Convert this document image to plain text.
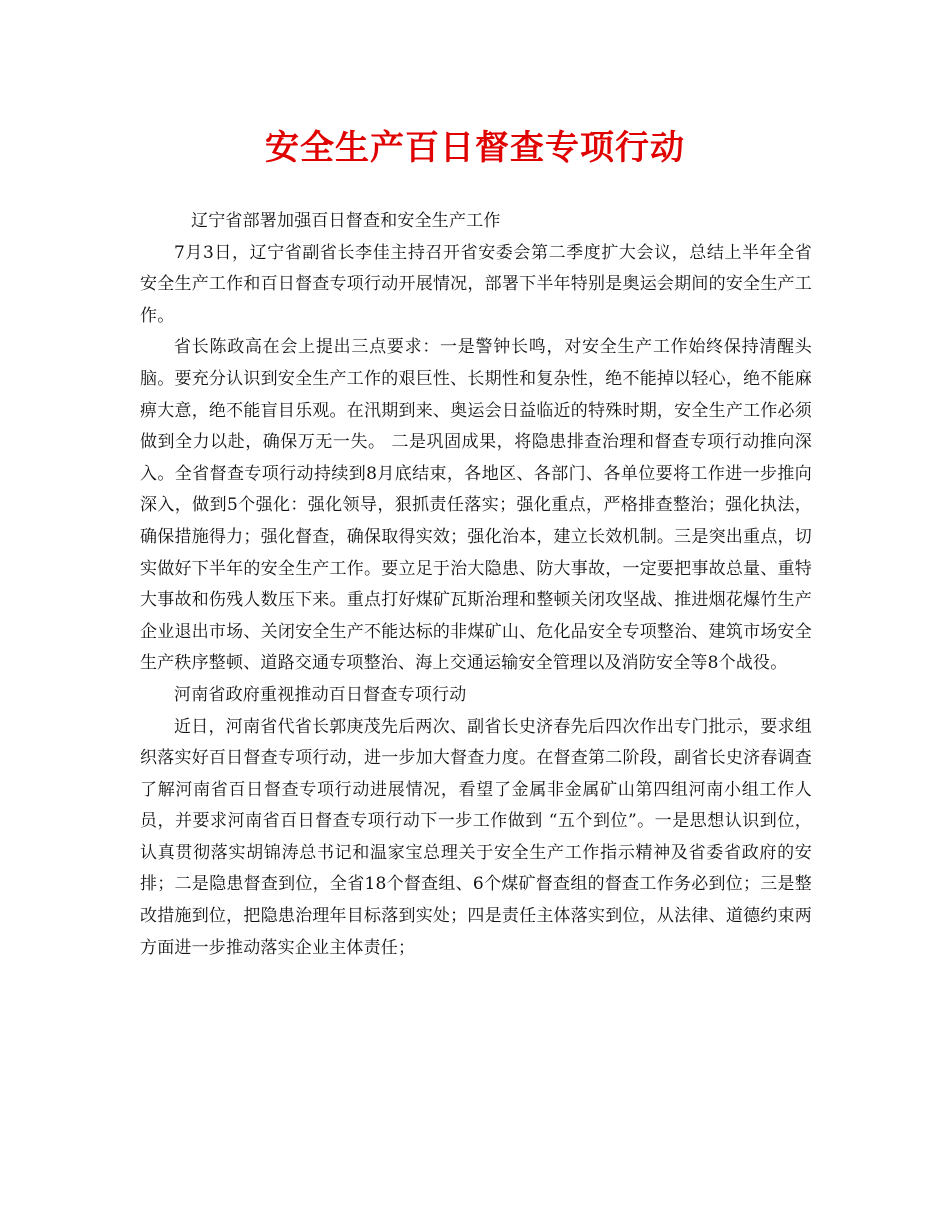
安全生产百日督查专项行动

辽宁省部署加强百日督查和安全生产工作

7月3日，辽宁省副省长李佳主持召开省安委会第二季度扩大会议，总结上半年全省安全生产工作和百日督查专项行动开展情况，部署下半年特别是奥运会期间的安全生产工作。

省长陈政高在会上提出三点要求：一是警钟长鸣，对安全生产工作始终保持清醒头脑。要充分认识到安全生产工作的艰巨性、长期性和复杂性，绝不能掉以轻心，绝不能麻痹大意，绝不能盲目乐观。在汛期到来、奥运会日益临近的特殊时期，安全生产工作必须做到全力以赴，确保万无一失。 二是巩固成果，将隐患排查治理和督查专项行动推向深入。全省督查专项行动持续到8月底结束，各地区、各部门、各单位要将工作进一步推向深入，做到5个强化：强化领导，狠抓责任落实；强化重点，严格排查整治；强化执法，确保措施得力；强化督查，确保取得实效；强化治本，建立长效机制。三是突出重点，切实做好下半年的安全生产工作。要立足于治大隐患、防大事故，一定要把事故总量、重特大事故和伤残人数压下来。重点打好煤矿瓦斯治理和整顿关闭攻坚战、推进烟花爆竹生产企业退出市场、关闭安全生产不能达标的非煤矿山、危化品安全专项整治、建筑市场安全生产秩序整顿、道路交通专项整治、海上交通运输安全管理以及消防安全等8个战役。

河南省政府重视推动百日督查专项行动

近日，河南省代省长郭庚茂先后两次、副省长史济春先后四次作出专门批示，要求组织落实好百日督查专项行动，进一步加大督查力度。在督查第二阶段，副省长史济春调查了解河南省百日督查专项行动进展情况，看望了金属非金属矿山第四组河南小组工作人员，并要求河南省百日督查专项行动下一步工作做到 “五个到位”。一是思想认识到位，认真贯彻落实胡锦涛总书记和温家宝总理关于安全生产工作指示精神及省委省政府的安排；二是隐患督查到位，全省18个督查组、6个煤矿督查组的督查工作务必到位；三是整改措施到位，把隐患治理年目标落到实处；四是责任主体落实到位，从法律、道德约束两方面进一步推动落实企业主体责任；
